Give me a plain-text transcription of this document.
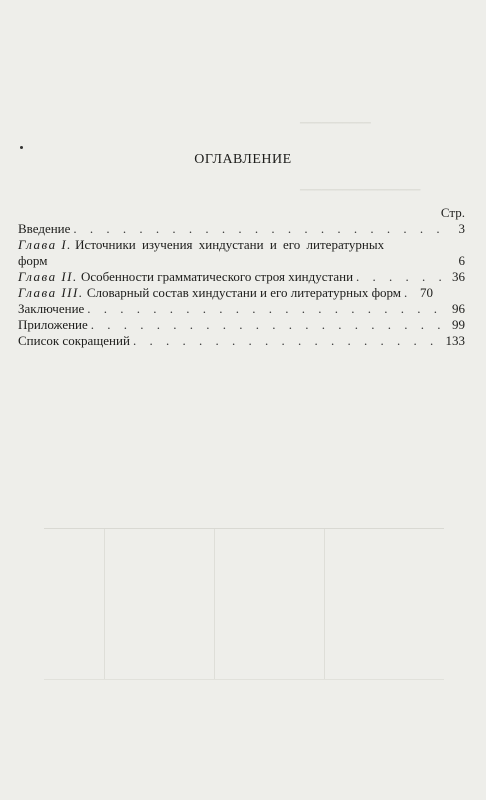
──────────
─────────────────
ОГЛАВЛЕНИЕ
Стр.
Введение . . .	3
Глава I. Источники изучения хиндустани и его литературных
форм	6
Глава II. Особенности грамматического строя хиндустани . . .	36
Глава III. Словарный состав хиндустани и его литературных форм . . .	70
Заключение . . .	96
Приложение . . .	99
Список сокращений . . .	133
